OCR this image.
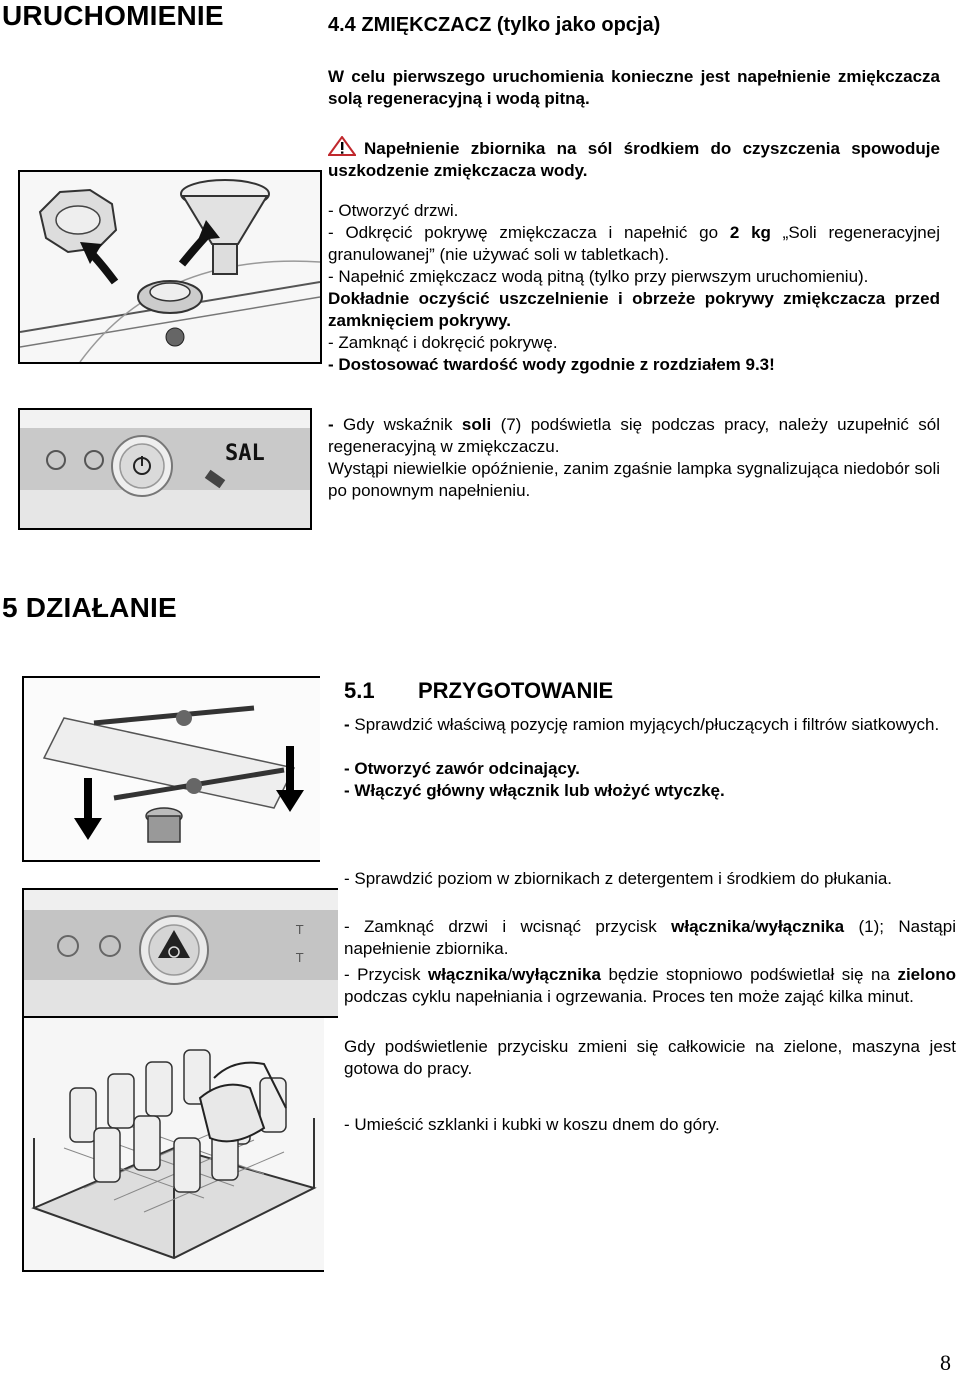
URUCHOMIENIE	4.4 ZMIĘKCZACZ (tylko jako opcja)

W celu pierwszego uruchomienia konieczne jest napełnienie zmiękczacza solą regeneracyjną i wodą pitną.

Napełnienie zbiornika na sól środkiem do czyszczenia spowoduje uszkodzenie zmiękczacza wody.

- Otworzyć drzwi.

- Odkręcić pokrywę zmiękczacza i napełnić go 2 kg „Soli regeneracyjnej granulowanej” (nie używać soli w tabletkach).

- Napełnić zmiękczacz wodą pitną (tylko przy pierwszym uruchomieniu).

Dokładnie oczyścić uszczelnienie i obrzeże pokrywy zmiękczacza przed zamknięciem pokrywy.

- Zamknąć i dokręcić pokrywę.

- Dostosować twardość wody zgodnie z rozdziałem 9.3!

SAL

- Gdy wskaźnik soli (7) podświetla się podczas pracy, należy uzupełnić sól regeneracyjną w zmiękczaczu.

Wystąpi niewielkie opóźnienie, zanim zgaśnie lampka sygnalizująca niedobór soli po ponownym napełnieniu.

5 DZIAŁANIE
5.1 PRZYGOTOWANIE

- Sprawdzić właściwą pozycję ramion myjących/płuczących i filtrów siatkowych.

- Otworzyć zawór odcinający.

- Włączyć główny włącznik lub włożyć wtyczkę.

- Sprawdzić poziom w zbiornikach z detergentem i środkiem do płukania.

T
T

- Zamknąć drzwi i wcisnąć przycisk włącznika/wyłącznika (1); Nastąpi napełnienie zbiornika.

- Przycisk włącznika/wyłącznika będzie stopniowo podświetlał się na zielono podczas cyklu napełniania i ogrzewania. Proces ten może zająć kilka minut.

Gdy podświetlenie przycisku zmieni się całkowicie na zielone, maszyna jest gotowa do pracy.

- Umieścić szklanki i kubki w koszu dnem do góry.

8
